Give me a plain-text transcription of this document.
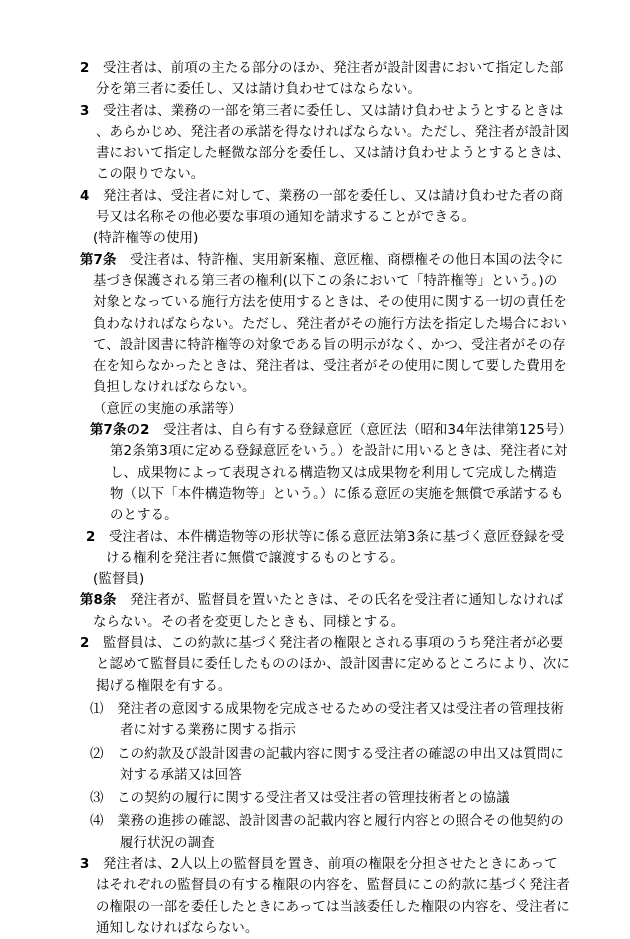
2　受注者は、前項の主たる部分のほか、発注者が設計図書において指定した部分を第三者に委任し、又は請け負わせてはならない。

3　受注者は、業務の一部を第三者に委任し、又は請け負わせようとするときは、あらかじめ、発注者の承諾を得なければならない。ただし、発注者が設計図書において指定した軽微な部分を委任し、又は請け負わせようとするときは、この限りでない。

4　発注者は、受注者に対して、業務の一部を委任し、又は請け負わせた者の商号又は名称その他必要な事項の通知を請求することができる。

(特許権等の使用)

第7条　受注者は、特許権、実用新案権、意匠権、商標権その他日本国の法令に基づき保護される第三者の権利(以下この条において「特許権等」という。)の対象となっている施行方法を使用するときは、その使用に関する一切の責任を負わなければならない。ただし、発注者がその施行方法を指定した場合において、設計図書に特許権等の対象である旨の明示がなく、かつ、受注者がその存在を知らなかったときは、発注者は、受注者がその使用に関して要した費用を負担しなければならない。

（意匠の実施の承諾等）

第7条の2　受注者は、自ら有する登録意匠（意匠法（昭和34年法律第125号）第2条第3項に定める登録意匠をいう。）を設計に用いるときは、発注者に対し、成果物によって表現される構造物又は成果物を利用して完成した構造物（以下「本件構造物等」という。）に係る意匠の実施を無償で承諾するものとする。

2　受注者は、本件構造物等の形状等に係る意匠法第3条に基づく意匠登録を受ける権利を発注者に無償で譲渡するものとする。

(監督員)

第8条　発注者が、監督員を置いたときは、その氏名を受注者に通知しなければならない。その者を変更したときも、同様とする。

2　監督員は、この約款に基づく発注者の権限とされる事項のうち発注者が必要と認めて監督員に委任したもののほか、設計図書に定めるところにより、次に掲げる権限を有する。

⑴　発注者の意図する成果物を完成させるための受注者又は受注者の管理技術者に対する業務に関する指示

⑵　この約款及び設計図書の記載内容に関する受注者の確認の申出又は質問に対する承諾又は回答

⑶　この契約の履行に関する受注者又は受注者の管理技術者との協議

⑷　業務の進捗の確認、設計図書の記載内容と履行内容との照合その他契約の履行状況の調査

3　発注者は、2人以上の監督員を置き、前項の権限を分担させたときにあってはそれぞれの監督員の有する権限の内容を、監督員にこの約款に基づく発注者の権限の一部を委任したときにあっては当該委任した権限の内容を、受注者に通知しなければならない。
